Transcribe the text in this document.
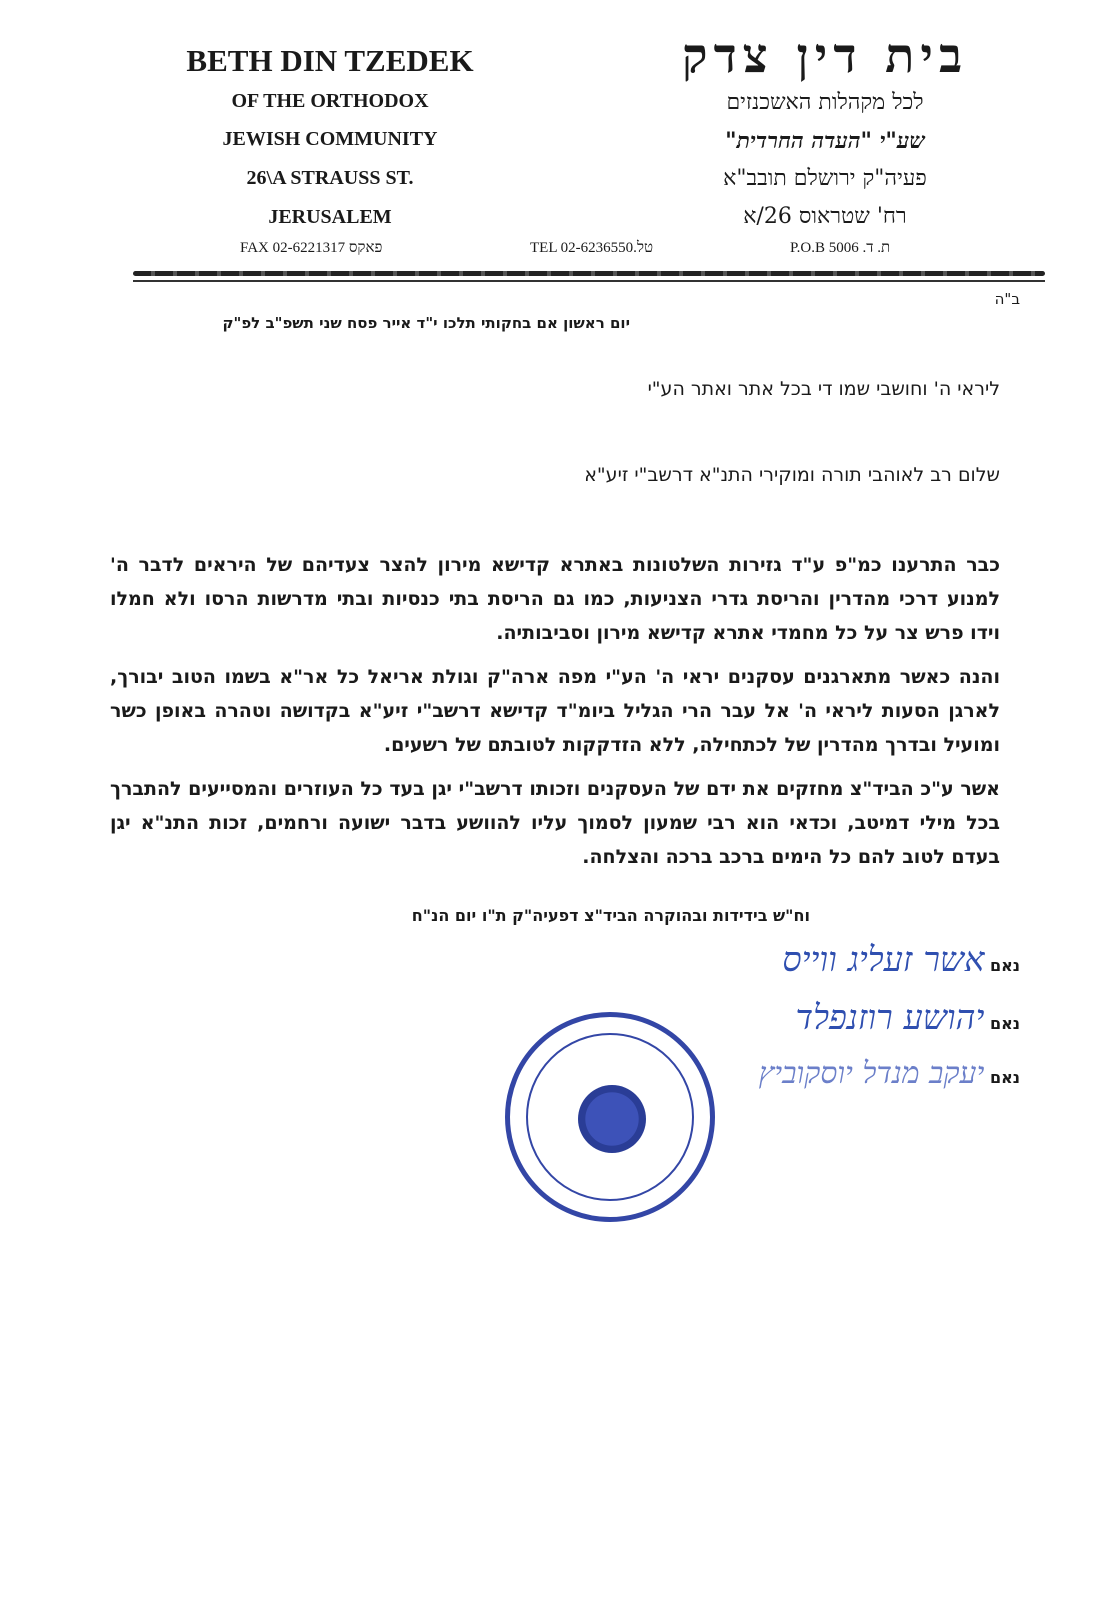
BETH DIN TZEDEK
OF THE ORTHODOX
JEWISH COMMUNITY
26\A STRAUSS ST.
JERUSALEM
בית דין צדק
לכל מקהלות האשכנזים
שע"י "העדה החרדית"
פעיה"ק ירושלם תובב"א
רח' שטראוס 26/א
FAX 02-6221317 פאקס	TEL 02-6236550.טל	P.O.B 5006 .ת. ד
ב"ה
יום ראשון אם בחקותי תלכו י"ד אייר פסח שני תשפ"ב לפ"ק
ליראי ה' וחושבי שמו די בכל אתר ואתר הע"י
שלום רב לאוהבי תורה ומוקירי התנ"א דרשב"י זיע"א
כבר התרענו כמ"פ ע"ד גזירות השלטונות באתרא קדישא מירון להצר צעדיהם של היראים לדבר ה' למנוע דרכי מהדרין והריסת גדרי הצניעות, כמו גם הריסת בתי כנסיות ובתי מדרשות הרסו ולא חמלו וידו פרש צר על כל מחמדי אתרא קדישא מירון וסביבותיה.
והנה כאשר מתארגנים עסקנים יראי ה' הע"י מפה ארה"ק וגולת אריאל כל אר"א בשמו הטוב יבורך, לארגן הסעות ליראי ה' אל עבר הרי הגליל ביומ"ד קדישא דרשב"י זיע"א בקדושה וטהרה באופן כשר ומועיל ובדרך מהדרין של לכתחילה, ללא הזדקקות לטובתם של רשעים.
אשר ע"כ הביד"צ מחזקים את ידם של העסקנים וזכותו דרשב"י יגן בעד כל העוזרים והמסייעים להתברך בכל מילי דמיטב, וכדאי הוא רבי שמעון לסמוך עליו להוושע בדבר ישועה ורחמים, זכות התנ"א יגן בעדם לטוב להם כל הימים ברכב ברכה והצלחה.
וח"ש בידידות ובהוקרה הביד"צ דפעיה"ק ת"ו יום הנ"ח
נאם אשר זעליג ווייס
נאם יהושע רוזנפלד
נאם יעקב מנדל יוסקוביץ
